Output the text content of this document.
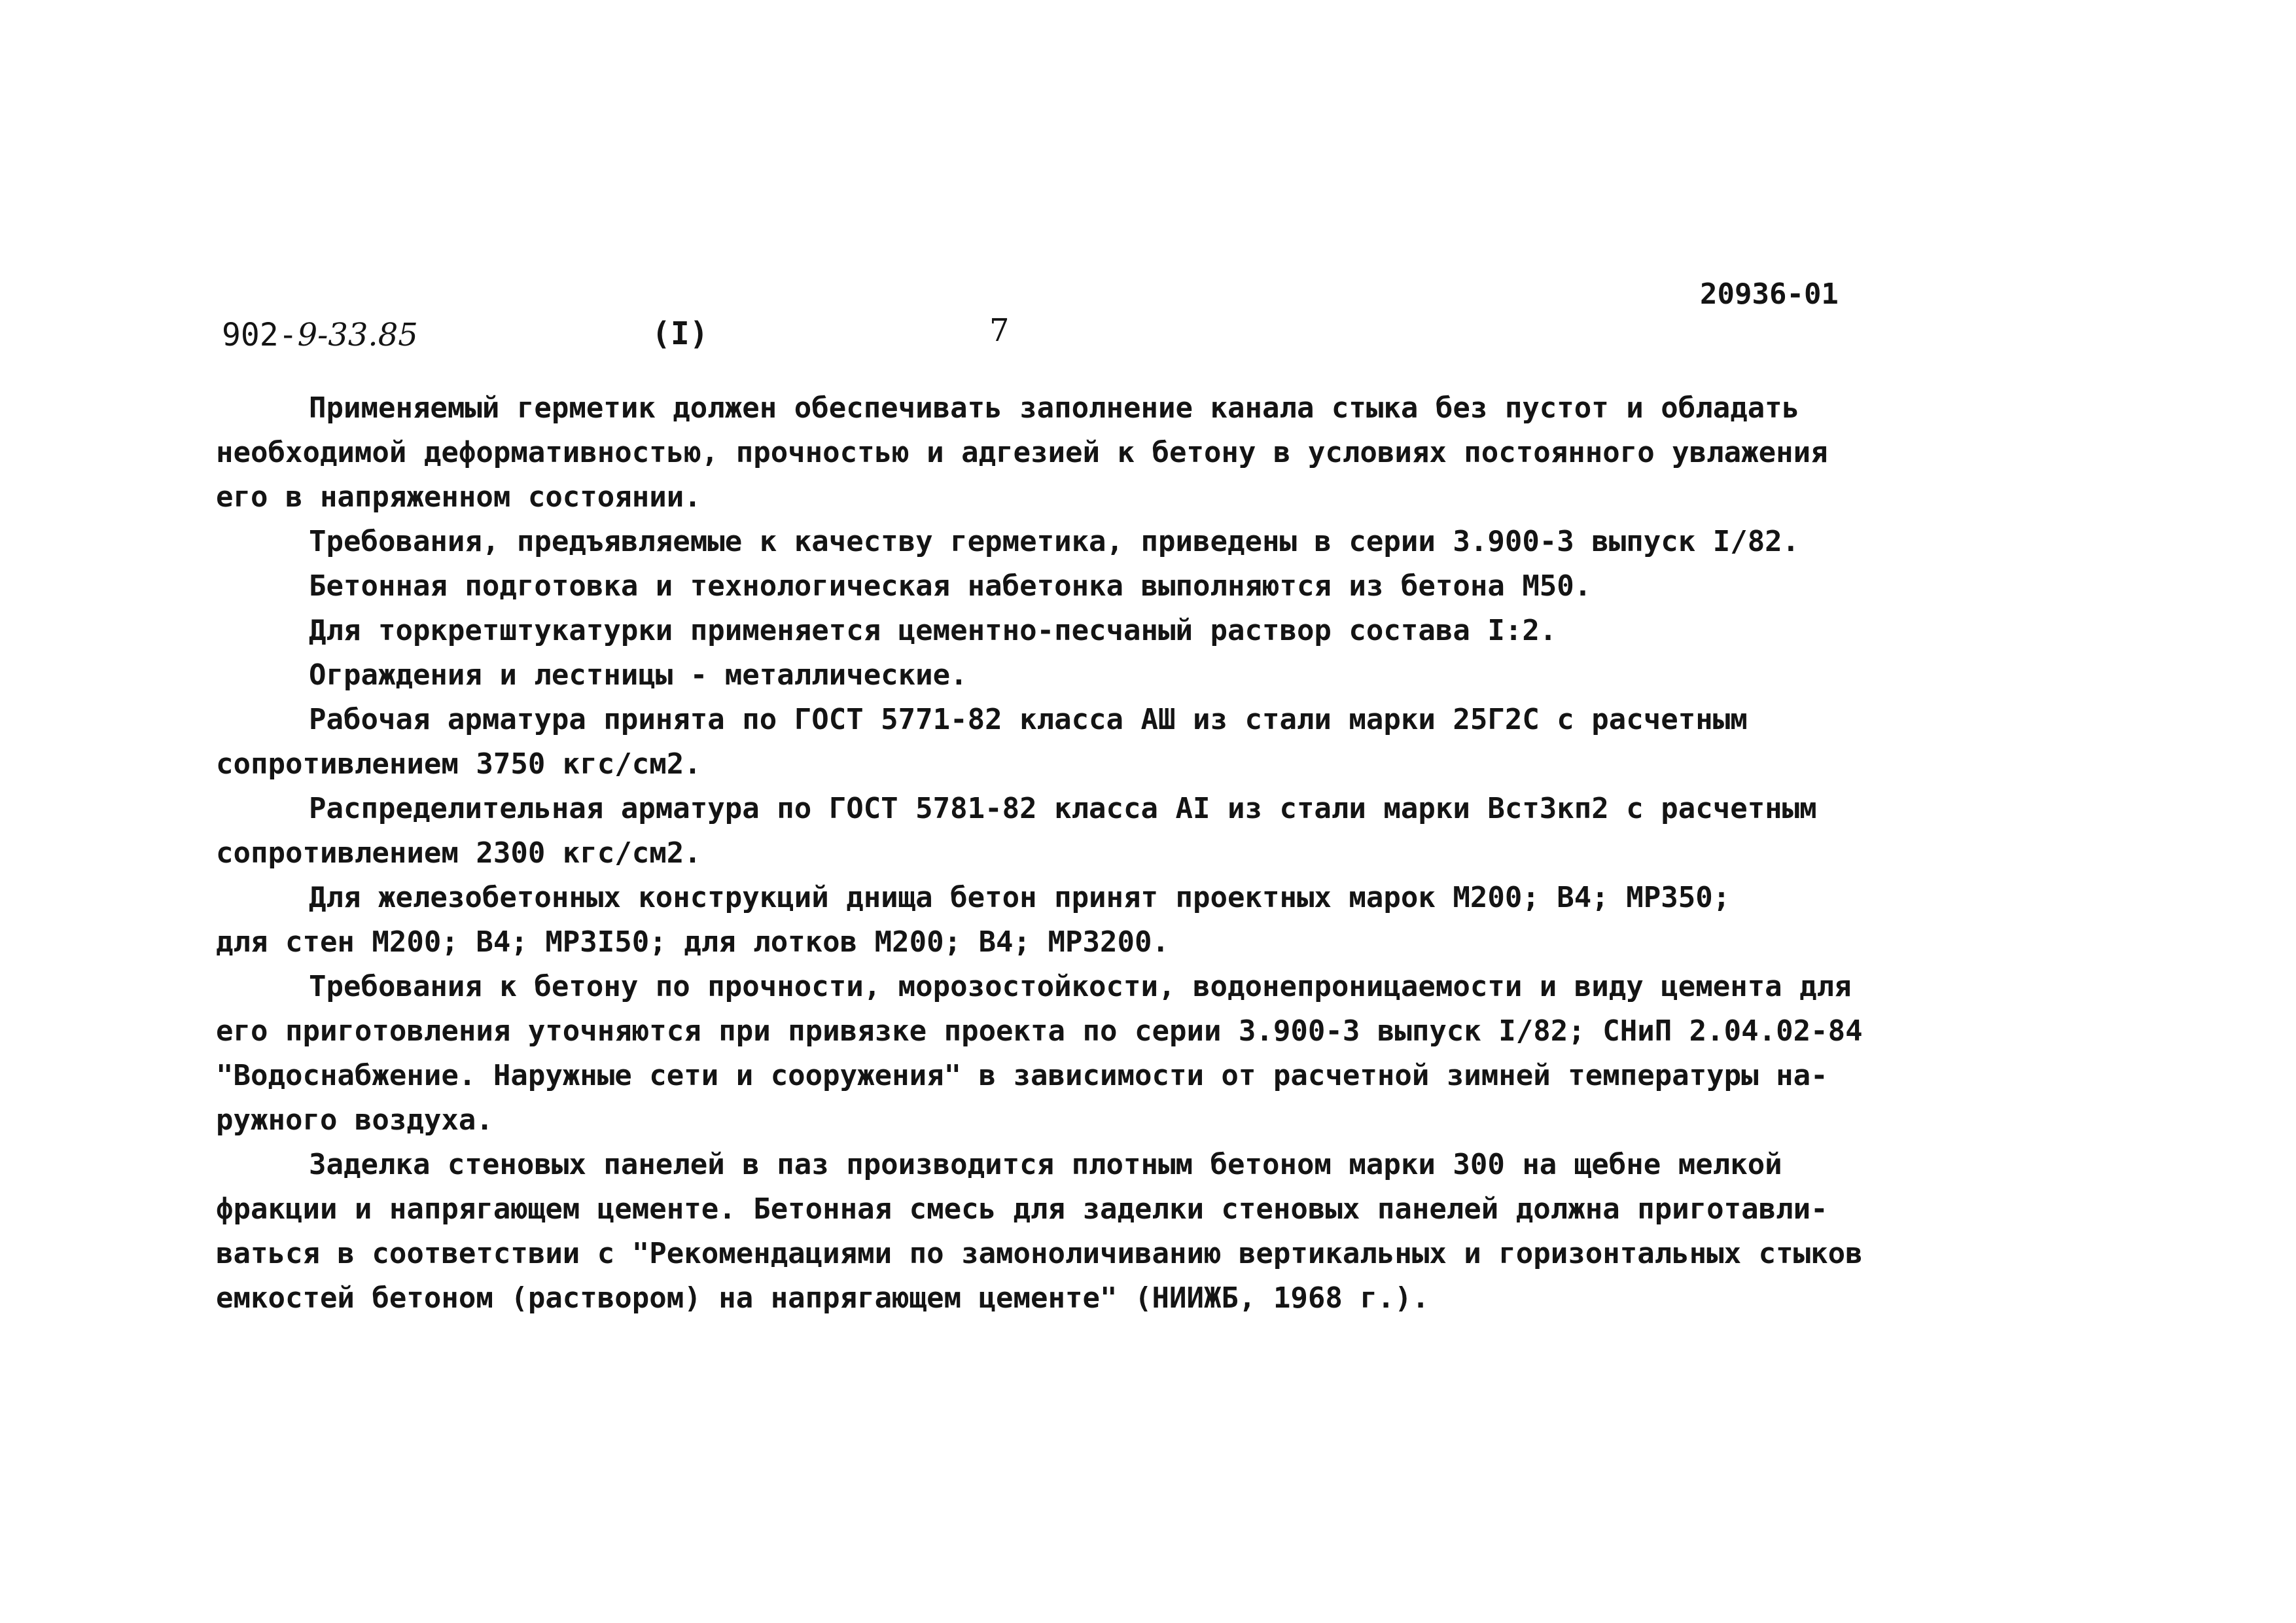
902-9-33.85	(I)	7
20936-01

Применяемый герметик должен обеспечивать заполнение канала стыка без пустот и обладать
необходимой деформативностью, прочностью и адгезией к бетону в условиях постоянного увлажения
его в напряженном состоянии.

Требования, предъявляемые к качеству герметика, приведены в серии 3.900-3 выпуск I/82.

Бетонная подготовка и технологическая набетонка выполняются из бетона М50.

Для торкретштукатурки применяется цементно-песчаный раствор состава I:2.

Ограждения и лестницы - металлические.

Рабочая арматура принята по ГОСТ 5771-82 класса АШ из стали марки 25Г2С с расчетным
сопротивлением 3750 кгс/см2.

Распределительная арматура по ГОСТ 5781-82 класса АI из стали марки ВстЗкп2 с расчетным
сопротивлением 2300 кгс/см2.

Для железобетонных конструкций днища бетон принят проектных марок М200; В4; МРЗ50;
для стен М200; В4; МРЗI50; для лотков М200; В4; МРЗ200.

Требования к бетону по прочности, морозостойкости, водонепроницаемости и виду цемента для
его приготовления уточняются при привязке проекта по серии 3.900-3 выпуск I/82; СНиП 2.04.02-84
"Водоснабжение. Наружные сети и сооружения" в зависимости от расчетной зимней температуры на-
ружного воздуха.

Заделка стеновых панелей в паз производится плотным бетоном марки 300 на щебне мелкой
фракции и напрягающем цементе. Бетонная смесь для заделки стеновых панелей должна приготавли-
ваться в соответствии с "Рекомендациями по замоноличиванию вертикальных и горизонтальных стыков
емкостей бетоном (раствором) на напрягающем цементе" (НИИЖБ, 1968 г.).
